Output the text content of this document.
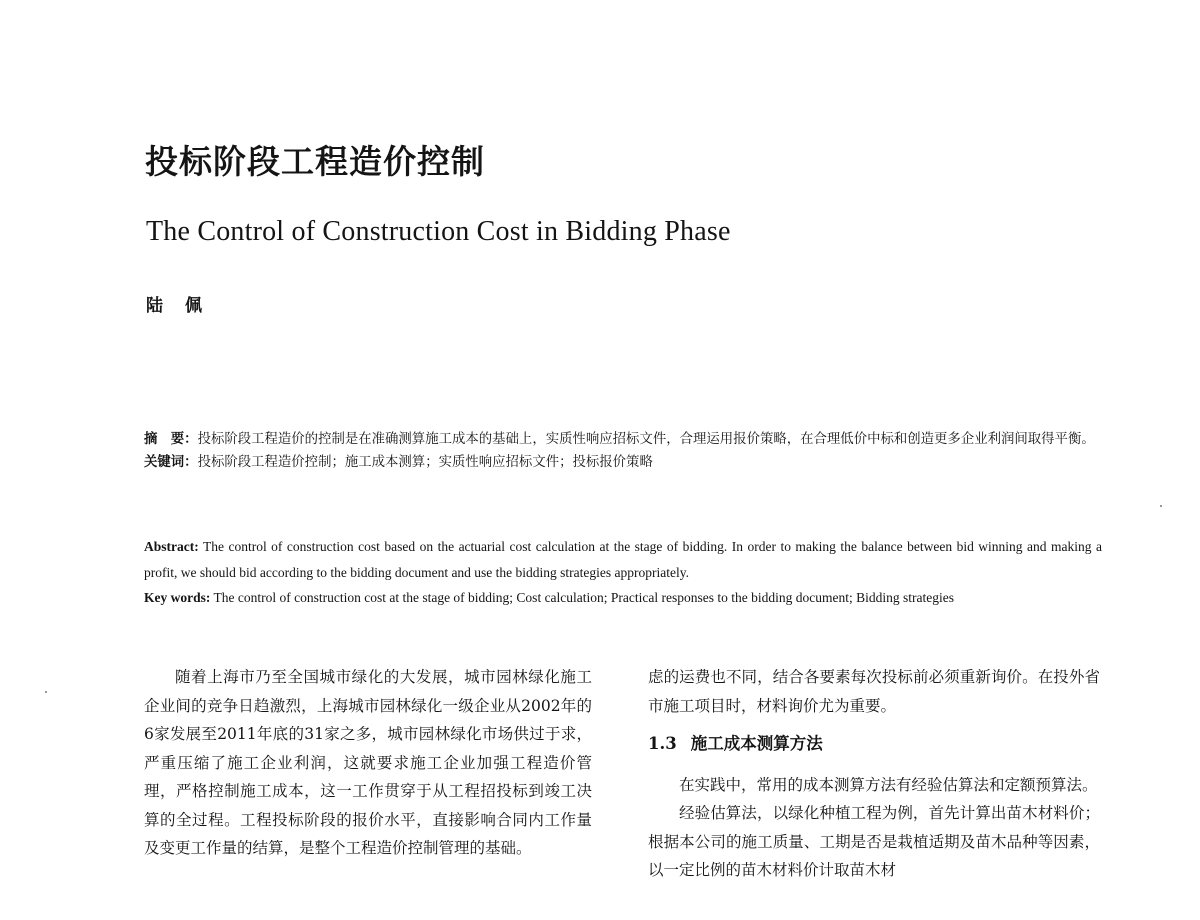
投标阶段工程造价控制
The Control of Construction Cost in Bidding Phase
陆佩

摘　要：投标阶段工程造价的控制是在准确测算施工成本的基础上，实质性响应招标文件，合理运用报价策略，在合理低价中标和创造更多企业利润间取得平衡。

关键词：投标阶段工程造价控制；施工成本测算；实质性响应招标文件；投标报价策略

Abstract: The control of construction cost based on the actuarial cost calculation at the stage of bidding. In order to making the balance between bid winning and making a profit, we should bid according to the bidding document and use the bidding strategies appropriately.

Key words: The control of construction cost at the stage of bidding; Cost calculation; Practical responses to the bidding document; Bidding strategies

随着上海市乃至全国城市绿化的大发展，城市园林绿化施工企业间的竞争日趋激烈，上海城市园林绿化一级企业从2002年的6家发展至2011年底的31家之多，城市园林绿化市场供过于求，严重压缩了施工企业利润，这就要求施工企业加强工程造价管理，严格控制施工成本，这一工作贯穿于从工程招投标到竣工决算的全过程。工程投标阶段的报价水平，直接影响合同内工作量及变更工作量的结算，是整个工程造价控制管理的基础。

虑的运费也不同，结合各要素每次投标前必须重新询价。在投外省市施工项目时，材料询价尤为重要。

1.3 施工成本测算方法

在实践中，常用的成本测算方法有经验估算法和定额预算法。

经验估算法，以绿化种植工程为例，首先计算出苗木材料价；根据本公司的施工质量、工期是否是栽植适期及苗木品种等因素，以一定比例的苗木材料价计取苗木材
